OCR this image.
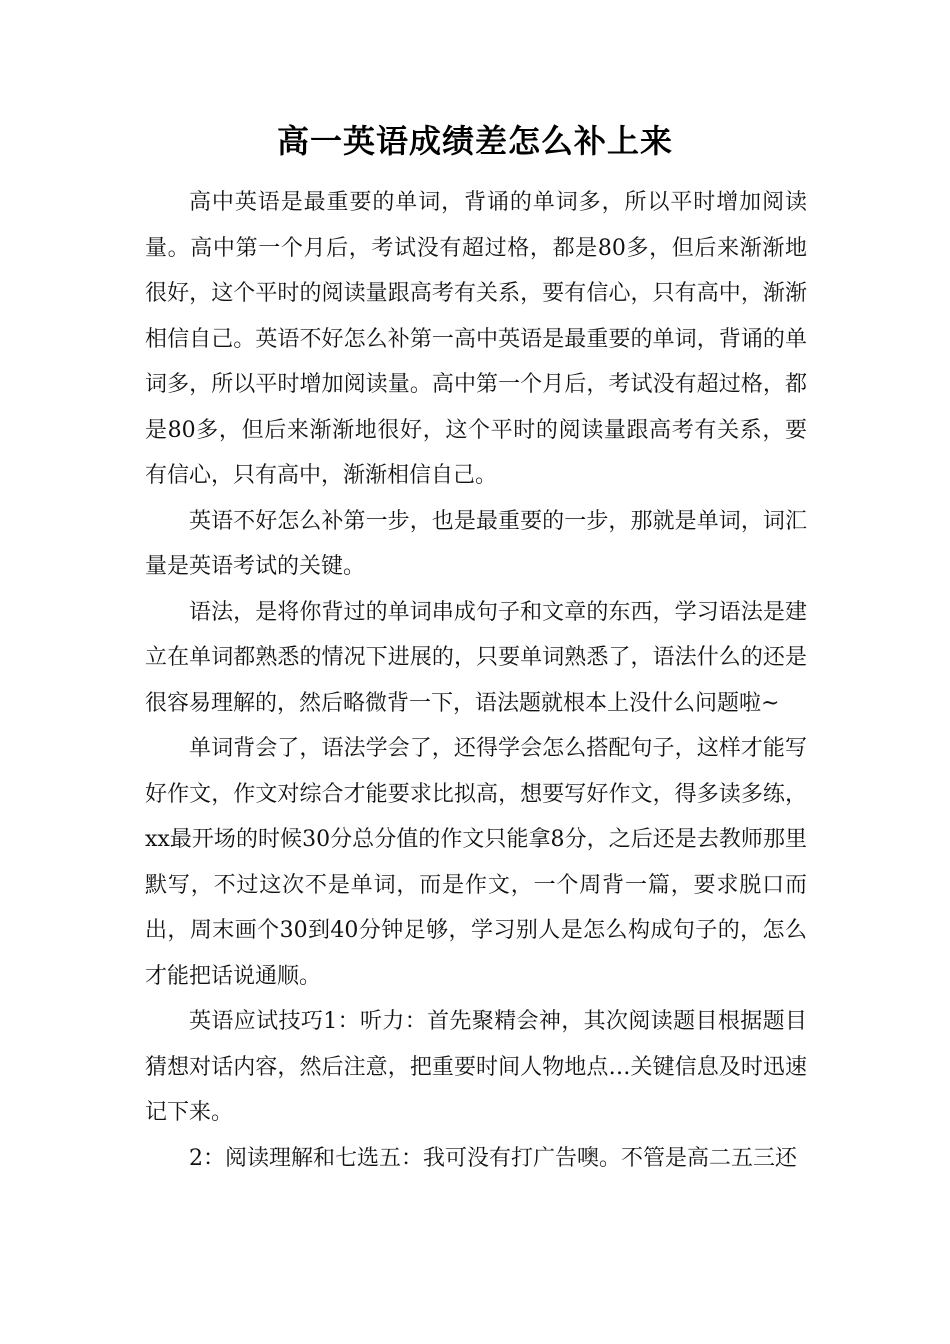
高一英语成绩差怎么补上来

高中英语是最重要的单词，背诵的单词多，所以平时增加阅读量。高中第一个月后，考试没有超过格，都是80多，但后来渐渐地很好，这个平时的阅读量跟高考有关系，要有信心，只有高中，渐渐相信自己。英语不好怎么补第一高中英语是最重要的单词，背诵的单词多，所以平时增加阅读量。高中第一个月后，考试没有超过格，都是80多，但后来渐渐地很好，这个平时的阅读量跟高考有关系，要有信心，只有高中，渐渐相信自己。

英语不好怎么补第一步，也是最重要的一步，那就是单词，词汇量是英语考试的关键。

语法，是将你背过的单词串成句子和文章的东西，学习语法是建立在单词都熟悉的情况下进展的，只要单词熟悉了，语法什么的还是很容易理解的，然后略微背一下，语法题就根本上没什么问题啦~

单词背会了，语法学会了，还得学会怎么搭配句子，这样才能写好作文，作文对综合才能要求比拟高，想要写好作文，得多读多练，xx最开场的时候30分总分值的作文只能拿8分，之后还是去教师那里默写，不过这次不是单词，而是作文，一个周背一篇，要求脱口而出，周末画个30到40分钟足够，学习别人是怎么构成句子的，怎么才能把话说通顺。

英语应试技巧1：听力：首先聚精会神，其次阅读题目根据题目猜想对话内容，然后注意，把重要时间人物地点…关键信息及时迅速记下来。

2：阅读理解和七选五：我可没有打广告噢。不管是高二五三还
